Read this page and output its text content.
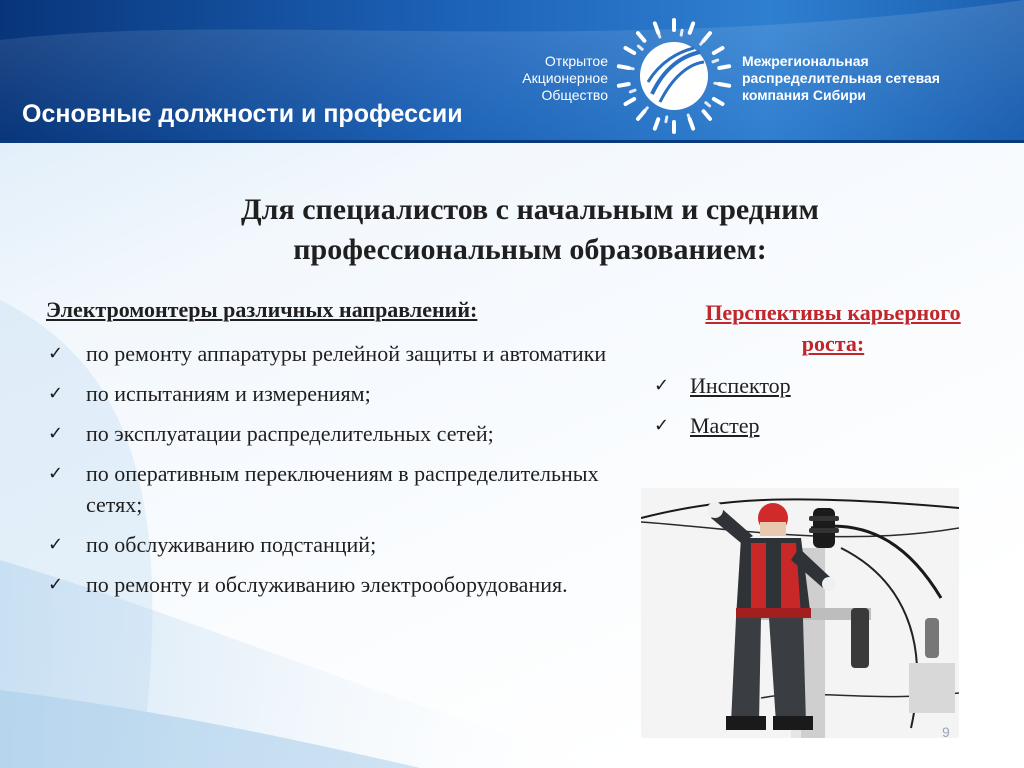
Основные должности и профессии
Открытое
Акционерное
Общество
Межрегиональная
распределительная сетевая
компания Сибири
Для специалистов с начальным и средним
профессиональным образованием:
Электромонтеры различных направлений:
✓ по ремонту аппаратуры релейной защиты и автоматики
✓ по испытаниям и измерениям;
✓ по эксплуатации распределительных сетей;
✓ по оперативным переключениям в распределительных сетях;
✓ по обслуживанию подстанций;
✓ по ремонту и обслуживанию электрооборудования.
Перспективы карьерного
роста:
✓ Инспектор
✓ Мастер
9
